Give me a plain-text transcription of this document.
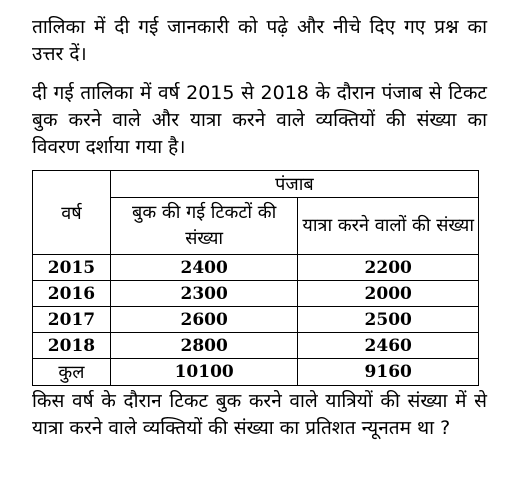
तालिका में दी गई जानकारी को पढ़े और नीचे दिए गए प्रश्न का उत्तर दें।

दी गई तालिका में वर्ष 2015 से 2018 के दौरान पंजाब से टिकट बुक करने वाले और यात्रा करने वाले व्यक्तियों की संख्या का विवरण दर्शाया गया है।

वर्ष	पंजाब	
	बुक की गई टिकटों की संख्या	यात्रा करने वालों की संख्या
2015	2400	2200
2016	2300	2000
2017	2600	2500
2018	2800	2460
कुल	10100	9160

किस वर्ष के दौरान टिकट बुक करने वाले यात्रियों की संख्या में से यात्रा करने वाले व्यक्तियों की संख्या का प्रतिशत न्यूनतम था ?
